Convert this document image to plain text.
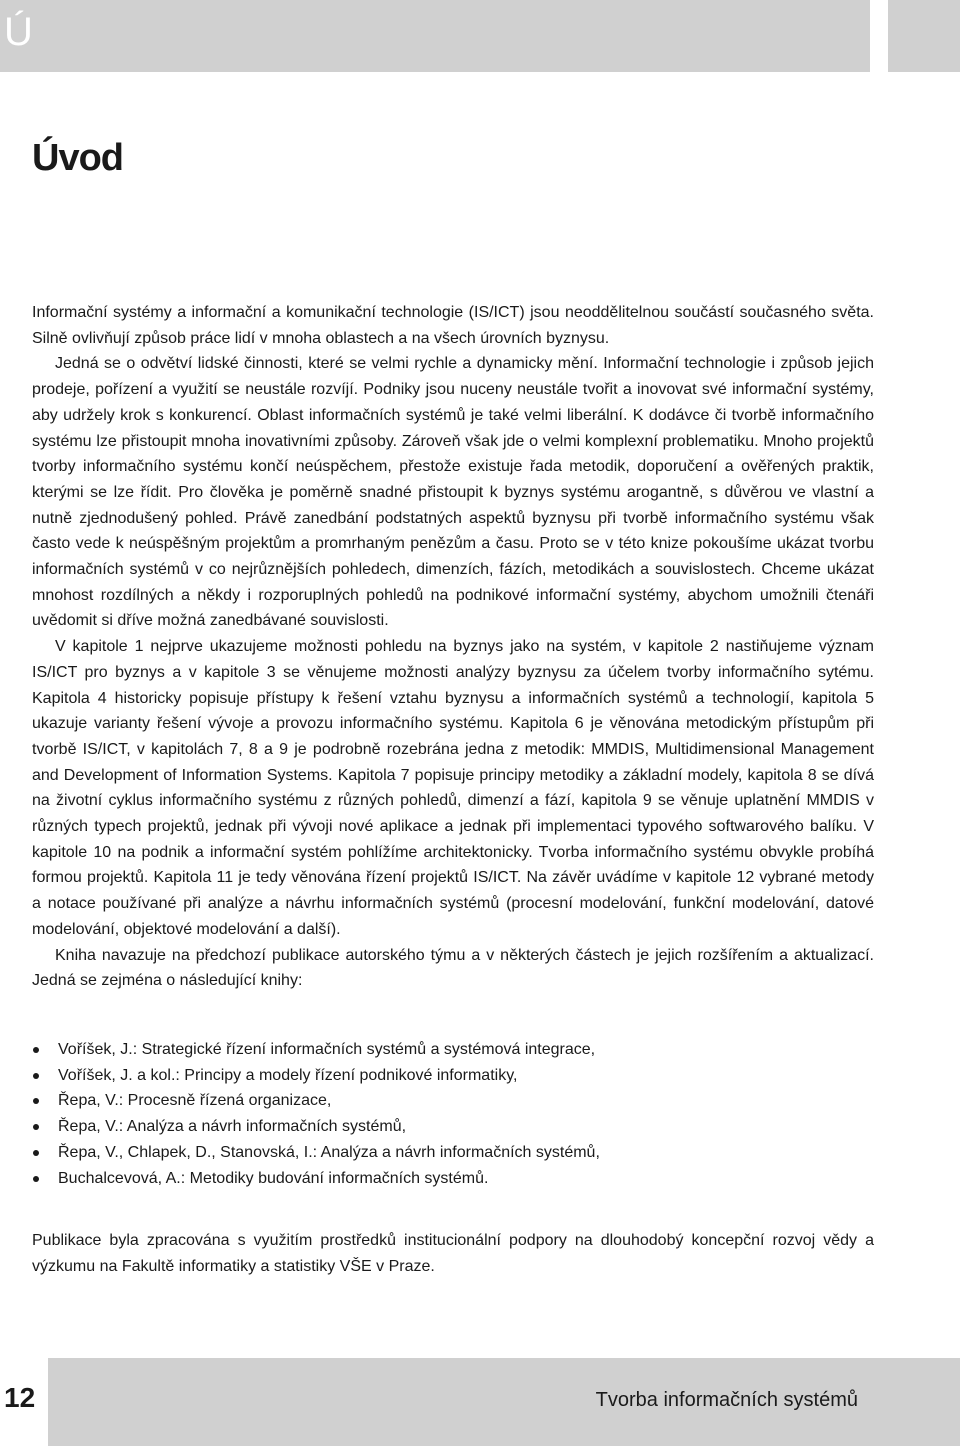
Ú
Úvod

Informační systémy a informační a komunikační technologie (IS/ICT) jsou neoddělitelnou součástí současného světa. Silně ovlivňují způsob práce lidí v mnoha oblastech a na všech úrovních byznysu.

Jedná se o odvětví lidské činnosti, které se velmi rychle a dynamicky mění. Informační technologie i způsob jejich prodeje, pořízení a využití se neustále rozvíjí. Podniky jsou nuceny neustále tvořit a inovovat své informační systémy, aby udržely krok s konkurencí. Oblast informačních systémů je také velmi liberální. K dodávce či tvorbě informačního systému lze přistoupit mnoha inovativními způsoby. Zároveň však jde o velmi komplexní problematiku. Mnoho projektů tvorby informačního systému končí neúspěchem, přestože existuje řada metodik, doporučení a ověřených praktik, kterými se lze řídit. Pro člověka je poměrně snadné přistoupit k byznys systému arogantně, s důvěrou ve vlastní a nutně zjednodušený pohled. Právě zanedbání podstatných aspektů byznysu při tvorbě informačního systému však často vede k neúspěšným projektům a promrhaným penězům a času. Proto se v této knize pokoušíme ukázat tvorbu informačních systémů v co nejrůznějších pohledech, dimenzích, fázích, metodikách a souvislostech. Chceme ukázat mnohost rozdílných a někdy i rozporuplných pohledů na podnikové informační systémy, abychom umožnili čtenáři uvědomit si dříve možná zanedbávané souvislosti.

V kapitole 1 nejprve ukazujeme možnosti pohledu na byznys jako na systém, v kapitole 2 nastiňujeme význam IS/ICT pro byznys a v kapitole 3 se věnujeme možnosti analýzy byznysu za účelem tvorby informačního sytému. Kapitola 4 historicky popisuje přístupy k řešení vztahu byznysu a informačních systémů a technologií, kapitola 5 ukazuje varianty řešení vývoje a provozu informačního systému. Kapitola 6 je věnována metodickým přístupům při tvorbě IS/ICT, v kapitolách 7, 8 a 9 je podrobně rozebrána jedna z metodik: MMDIS, Multidimensional Management and Development of Information Systems. Kapitola 7 popisuje principy metodiky a základní modely, kapitola 8 se dívá na životní cyklus informačního systému z různých pohledů, dimenzí a fází, kapitola 9 se věnuje uplatnění MMDIS v různých typech projektů, jednak při vývoji nové aplikace a jednak při implementaci typového softwarového balíku. V kapitole 10 na podnik a informační systém pohlížíme architektonicky. Tvorba informačního systému obvykle probíhá formou projektů. Kapitola 11 je tedy věnována řízení projektů IS/ICT. Na závěr uvádíme v kapitole 12 vybrané metody a notace používané při analýze a návrhu informačních systémů (procesní modelování, funkční modelování, datové modelování, objektové modelování a další).

Kniha navazuje na předchozí publikace autorského týmu a v některých částech je jejich rozšířením a aktualizací. Jedná se zejména o následující knihy:

Voříšek, J.: Strategické řízení informačních systémů a systémová integrace,
Voříšek, J. a kol.: Principy a modely řízení podnikové informatiky,
Řepa, V.: Procesně řízená organizace,
Řepa, V.: Analýza a návrh informačních systémů,
Řepa, V., Chlapek, D., Stanovská, I.: Analýza a návrh informačních systémů,
Buchalcevová, A.: Metodiky budování informačních systémů.

Publikace byla zpracována s využitím prostředků institucionální podpory na dlouhodobý koncepční rozvoj vědy a výzkumu na Fakultě informatiky a statistiky VŠE v Praze.

12	Tvorba informačních systémů
